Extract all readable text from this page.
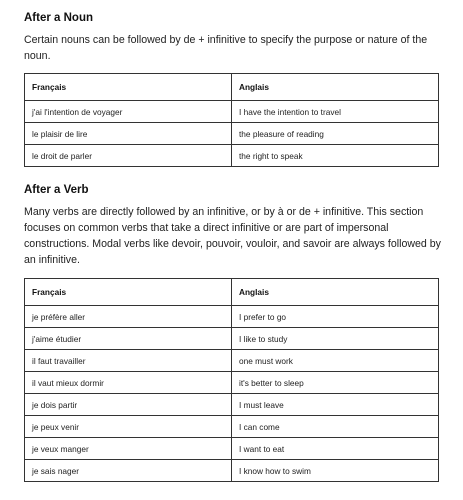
After a Noun

Certain nouns can be followed by de + infinitive to specify the purpose or nature of the noun.

Français	Anglais
j'ai l'intention de voyager	I have the intention to travel
le plaisir de lire	the pleasure of reading
le droit de parler	the right to speak
After a Verb

Many verbs are directly followed by an infinitive, or by à or de + infinitive. This section focuses on common verbs that take a direct infinitive or are part of impersonal constructions. Modal verbs like devoir, pouvoir, vouloir, and savoir are always followed by an infinitive.

Français	Anglais
je préfère aller	I prefer to go
j'aime étudier	I like to study
il faut travailler	one must work
il vaut mieux dormir	it's better to sleep
je dois partir	I must leave
je peux venir	I can come
je veux manger	I want to eat
je sais nager	I know how to swim
